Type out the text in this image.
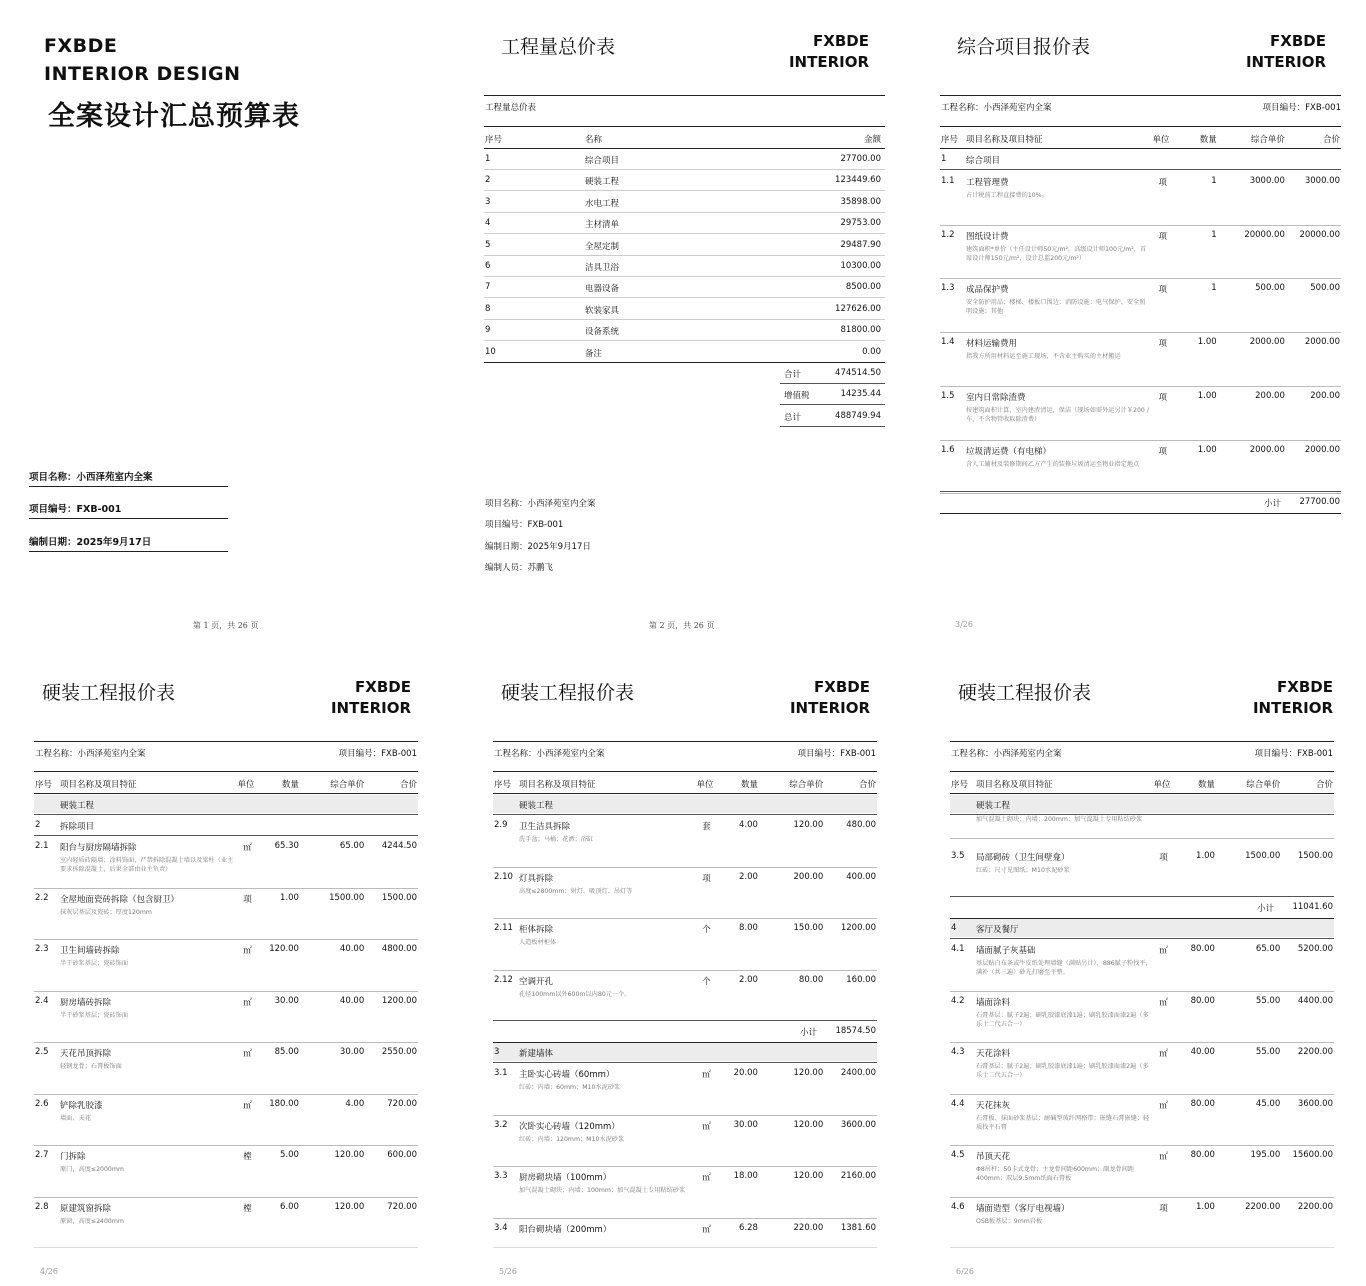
FXBDE
INTERIOR DESIGN
全案设计汇总预算表
项目名称：小西泽苑室内全案
项目编号：FXB-001
编制日期：2025年9月17日
第 1 页，共 26 页
工程量总价表	FXBDE
INTERIOR
工程量总价表
序号	名称	金额
项目名称：小西泽苑室内全案
项目编号：FXB-001
编制日期：2025年9月17日
编制人员：苏鹏飞
第 2 页，共 26 页
1	综合项目	27700.00
2	硬装工程	123449.60
3	水电工程	35898.00
4	主材清单	29753.00
5	全屋定制	29487.90
6	洁具卫浴	10300.00
7	电器设备	8500.00
8	软装家具	127626.00
9	设备系统	81800.00
10	备注	0.00
合计	474514.50
增值税	14235.44
总计	488749.94
综合项目报价表	FXBDE
INTERIOR
工程名称：小西泽苑室内全案	项目编号：FXB-001
序号 项目名称及项目特征	单位	数量	综合单价	合价
1 综合项目
1.1 工程管理费
占计税前工程直接费的10%。
项	1	3000.00 3000.00
1.2 图纸设计费
建筑面积*单价（主任设计师50元/m²，高级设计师100元/m²，首席设计师150元/m²，设计总监200元/m²）
项	1	20000.00 20000.00
1.3 成品保护费
安全防护用品；楼梯、楼板口围边；消防设施；电气保护、安全照明设施；其他
项	1	500.00	500.00
1.4 材料运输费用
指我方所用材料运至施工现场，不含业主购买的主材搬运
项	1.00	2000.00 2000.00
1.5 室内日常除渣费
按建筑面积计算，室内建渣清运，保洁（现场如需外运另计￥200 / 车，不含物管收取除渣费）
项	1.00	200.00	200.00
1.6 垃圾清运费（有电梯）
含人工辅材及装修期间乙方产生的装修垃圾清运至物业指定地点
项	1.00	2000.00 2000.00
小计 27700.00
3/26
硬装工程报价表	FXBDE
INTERIOR
工程名称：小西泽苑室内全案	项目编号：FXB-001
序号 项目名称及项目特征	单位	数量	综合单价	合价
硬装工程
2 拆除项目
2.1 阳台与厨房隔墙拆除
室内轻质砖隔墙；涂料饰面，严禁拆除混凝土墙以及梁柱（业主要求拆除混凝土，后果全部由业主负责）
㎡	65.30	65.00 4244.50
2.2 全屋地面瓷砖拆除（包含厨卫）
抹灰层基层及瓷砖；厚度120mm
项	1.00	1500.00 1500.00
2.3 卫生间墙砖拆除
半干砂浆基层；瓷砖饰面
㎡ 120.00	40.00 4800.00
2.4 厨房墙砖拆除
半干砂浆基层；瓷砖饰面
㎡	30.00	40.00 1200.00
2.5 天花吊顶拆除
轻钢龙骨；石膏板饰面
㎡	85.00	30.00 2550.00
2.6 铲除乳胶漆
墙面、天花
㎡ 180.00	4.00	720.00
2.7 门拆除
原门，高度≤2000mm
樘	5.00	120.00	600.00
2.8 原建筑窗拆除
原窗，高度≤2400mm
樘	6.00	120.00	720.00
4/26
硬装工程报价表	FXBDE
INTERIOR
工程名称：小西泽苑室内全案	项目编号：FXB-001
序号 项目名称及项目特征	单位	数量	综合单价	合价
硬装工程
2.9 卫生洁具拆除
洗手盆；马桶；花洒；浴缸
套	4.00	120.00	480.00
2.10 灯具拆除
高度≤2800mm；射灯、吸顶灯、吊灯等
项	2.00	200.00	400.00
2.11 柜体拆除
人造板材柜体
个	8.00	150.00 1200.00
2.12 空调开孔
孔径100mm以外600m以内80元一个。
个	2.00	80.00	160.00
小计 18574.50
3 新建墙体
3.1 主卧实心砖墙（60mm）
红砖；内墙；60mm；M10水泥砂浆
㎡	20.00	120.00 2400.00
3.2 次卧实心砖墙（120mm）
红砖；内墙；120mm；M10水泥砂浆
㎡	30.00	120.00 3600.00
3.3 厨房砌块墙（100mm）
加气混凝土砌块；内墙；100mm；加气混凝土专用粘结砂浆
㎡	18.00	120.00 2160.00
3.4 阳台砌块墙（200mm）	㎡	6.28	220.00 1381.60
5/26
硬装工程报价表	FXBDE
INTERIOR
工程名称：小西泽苑室内全案	项目编号：FXB-001
序号 项目名称及项目特征	单位	数量	综合单价	合价
硬装工程
加气混凝土砌块；内墙；200mm；加气混凝土专用粘结砂浆
3.5 局部砌砖（卫生间壁龛）
红砖；尺寸见图纸；M10水泥砂浆
项	1.00	1500.00 1500.00
小计 11041.60
4 客厅及餐厅
4.1 墙面腻子灰基础
基层贴白布条或牛皮纸处理墙缝（满贴另计），886腻子粉找平，满补（共三遍）砂光打磨至平整。
㎡	80.00	65.00 5200.00
4.2 墙面涂料
石膏基层；腻子2遍；刷乳胶漆底漆1遍；刷乳胶漆面漆2遍（多乐士二代五合一）
㎡	80.00	55.00 4400.00
4.3 天花涂料
石膏基层；腻子2遍；刷乳胶漆底漆1遍；刷乳胶漆面漆2遍（多乐士二代五合一）
㎡	40.00	55.00 2200.00
4.4 天花抹灰
石膏板、抹面砂浆基层；耐碱型玻纤网格带；嵌缝石膏嵌缝；轻质找平石膏
㎡	80.00	45.00 3600.00
4.5 吊顶天花
Φ8吊杆；50卡式龙骨；主龙骨间距600mm；副龙骨间距400mm；双层9.5mm纸面石膏板
㎡	80.00	195.00 15600.00
4.6 墙面造型（客厅电视墙）
OSB板基层；9mm岩板
项	1.00	2200.00 2200.00
6/26
